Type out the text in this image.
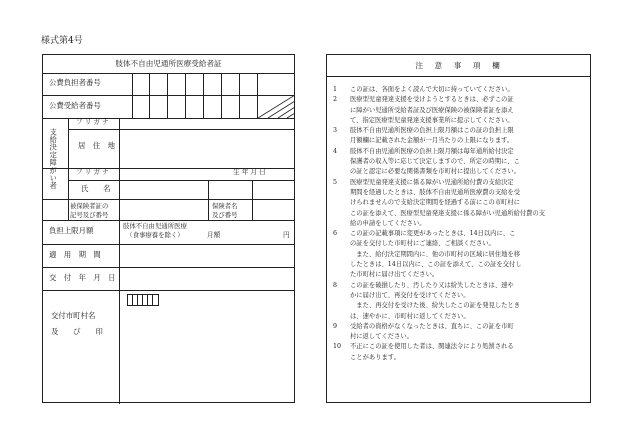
様式第4号
肢体不自由児通所医療受給者証
公費負担者番号
公費受給者番号
支給決定障がい者
フ リ ガ ナ
居　住　地
フ リ ガ ナ	生 年 月 日
氏　　名
被保険者証の
記号及び番号
保険者名
及び番号
負担上限月額	肢体不自由児通所医療
（食事療養を除く）	月額	円
適　用　期　間
交　付　年　月　日
交付市町村名
及　　び　　印
注　意　事　項　欄
1	この証は、各面をよく読んで大切に持っていてください。
2	医療型児童発達支援を受けようとするときは、必ずこの証
に障がい児通所受給者証及び医療保険の被保険者証を添え
て、指定医療型児童発達支援事業所に提示してください。
3	肢体不自由児通所医療の負担上限月額はこの証の負担上限
月額欄に記載された金額が一月当たりの上限になります。
4	肢体不自由児通所医療の負担上限月額は毎年通所給付決定
保護者の収入等に応じて決定しますので、所定の時期に、こ
の証と認定に必要な関係書類を市町村に提出してください。
5	医療型児童発達支援に係る障がい児通所給付費の支給決定
期間を経過したときは、肢体不自由児通所医療費の支給を受
けられませんので支給決定期間を経過する前にこの市町村に
この証を添えて、医療型児童発達支援に係る障がい児通所給付費の支
給の申請をしてください。
6	この証の記載事項に変更があったときは、14日以内に、こ
の証を交付した市町村にご連絡、ご相談ください。
　また、給付決定期間内に、他の市町村の区域に居住地を移
したときは、14日以内に、この証を添えて、この証を交付し
た市町村に届け出てください。
8	この証を破損したり、汚したり又は紛失したときは、速や
かに届け出て、再交付を受けてください。
　また、再交付を受けた後、紛失したこの証を発見したとき
は、速やかに、市町村に返してください。
9	受給者の資格がなくなったときは、直ちに、この証を市町
村に返してください。
10	不正にこの証を使用した者は、関連法令により処罰される
ことがあります。
